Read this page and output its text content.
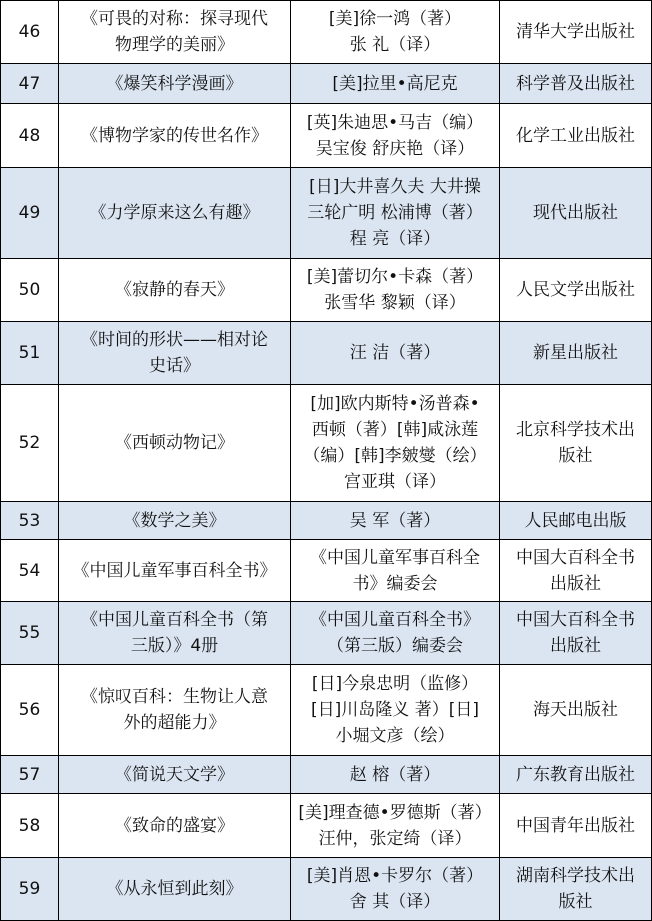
46	《可畏的对称：探寻现代
物理学的美丽》	[美]徐一鸿（著）
张 礼（译）	清华大学出版社

47	《爆笑科学漫画》	[美]拉里•高尼克	科学普及出版社

48	《博物学家的传世名作》	[英]朱迪思•马吉（编）
吴宝俊 舒庆艳（译）	化学工业出版社

49	《力学原来这么有趣》	[日]大井喜久夫 大井操
三轮广明 松浦博（著）
程 亮（译）	现代出版社

50	《寂静的春天》	[美]蕾切尔•卡森（著）
张雪华 黎颖（译）	人民文学出版社

51	《时间的形状——相对论
史话》	汪 洁（著）	新星出版社

52	《西顿动物记》	[加]欧内斯特•汤普森•
西顿（著）[韩]咸泳莲
（编）[韩]李皴燮（绘）
宫亚琪（译）	北京科学技术出
版社

53	《数学之美》	吴 军（著）	人民邮电出版

54	《中国儿童军事百科全书》	《中国儿童军事百科全
书》编委会	中国大百科全书
出版社

55	《中国儿童百科全书（第
三版）》4册	《中国儿童百科全书》
（第三版）编委会	中国大百科全书
出版社

56	《惊叹百科：生物让人意
外的超能力》	[日]今泉忠明（监修）
[日]川岛隆义 著）[日]
小堀文彦（绘）	海天出版社

57	《简说天文学》	赵 榕（著）	广东教育出版社

58	《致命的盛宴》	[美]理查德•罗德斯（著）
汪仲，张定绮（译）	中国青年出版社

59	《从永恒到此刻》	[美]肖恩•卡罗尔（著）
舍 其（译）	湖南科学技术出
版社
